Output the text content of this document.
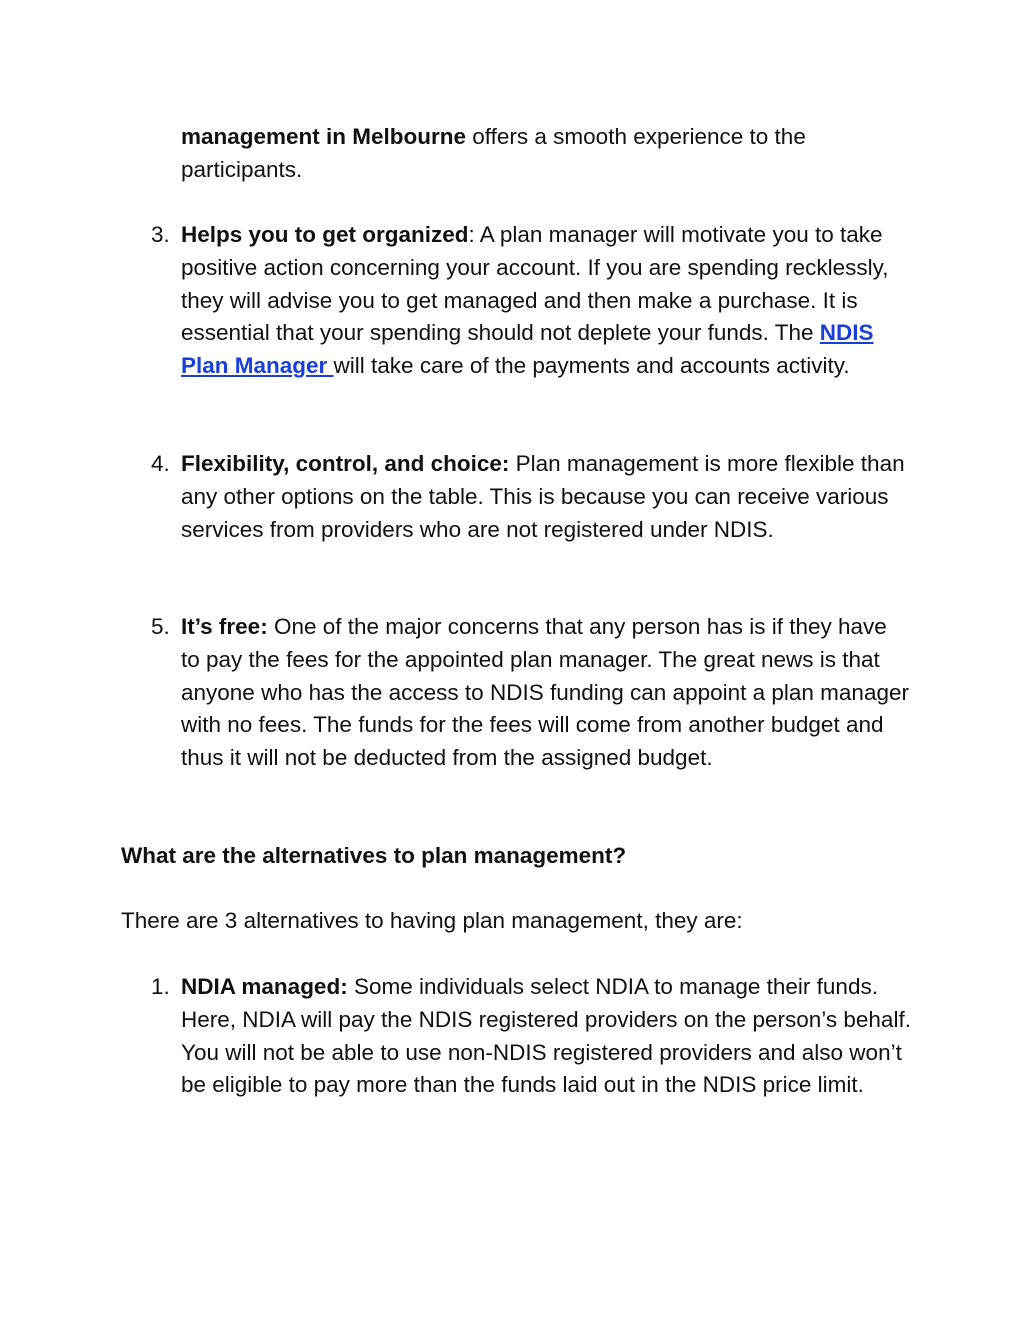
management in Melbourne offers a smooth experience to the participants.
3. Helps you to get organized: A plan manager will motivate you to take positive action concerning your account. If you are spending recklessly, they will advise you to get managed and then make a purchase. It is essential that your spending should not deplete your funds. The NDIS Plan Manager will take care of the payments and accounts activity.
4. Flexibility, control, and choice: Plan management is more flexible than any other options on the table. This is because you can receive various services from providers who are not registered under NDIS.
5. It’s free: One of the major concerns that any person has is if they have to pay the fees for the appointed plan manager. The great news is that anyone who has the access to NDIS funding can appoint a plan manager with no fees. The funds for the fees will come from another budget and thus it will not be deducted from the assigned budget.
What are the alternatives to plan management?
There are 3 alternatives to having plan management, they are:
1. NDIA managed: Some individuals select NDIA to manage their funds. Here, NDIA will pay the NDIS registered providers on the person’s behalf. You will not be able to use non-NDIS registered providers and also won’t be eligible to pay more than the funds laid out in the NDIS price limit.
